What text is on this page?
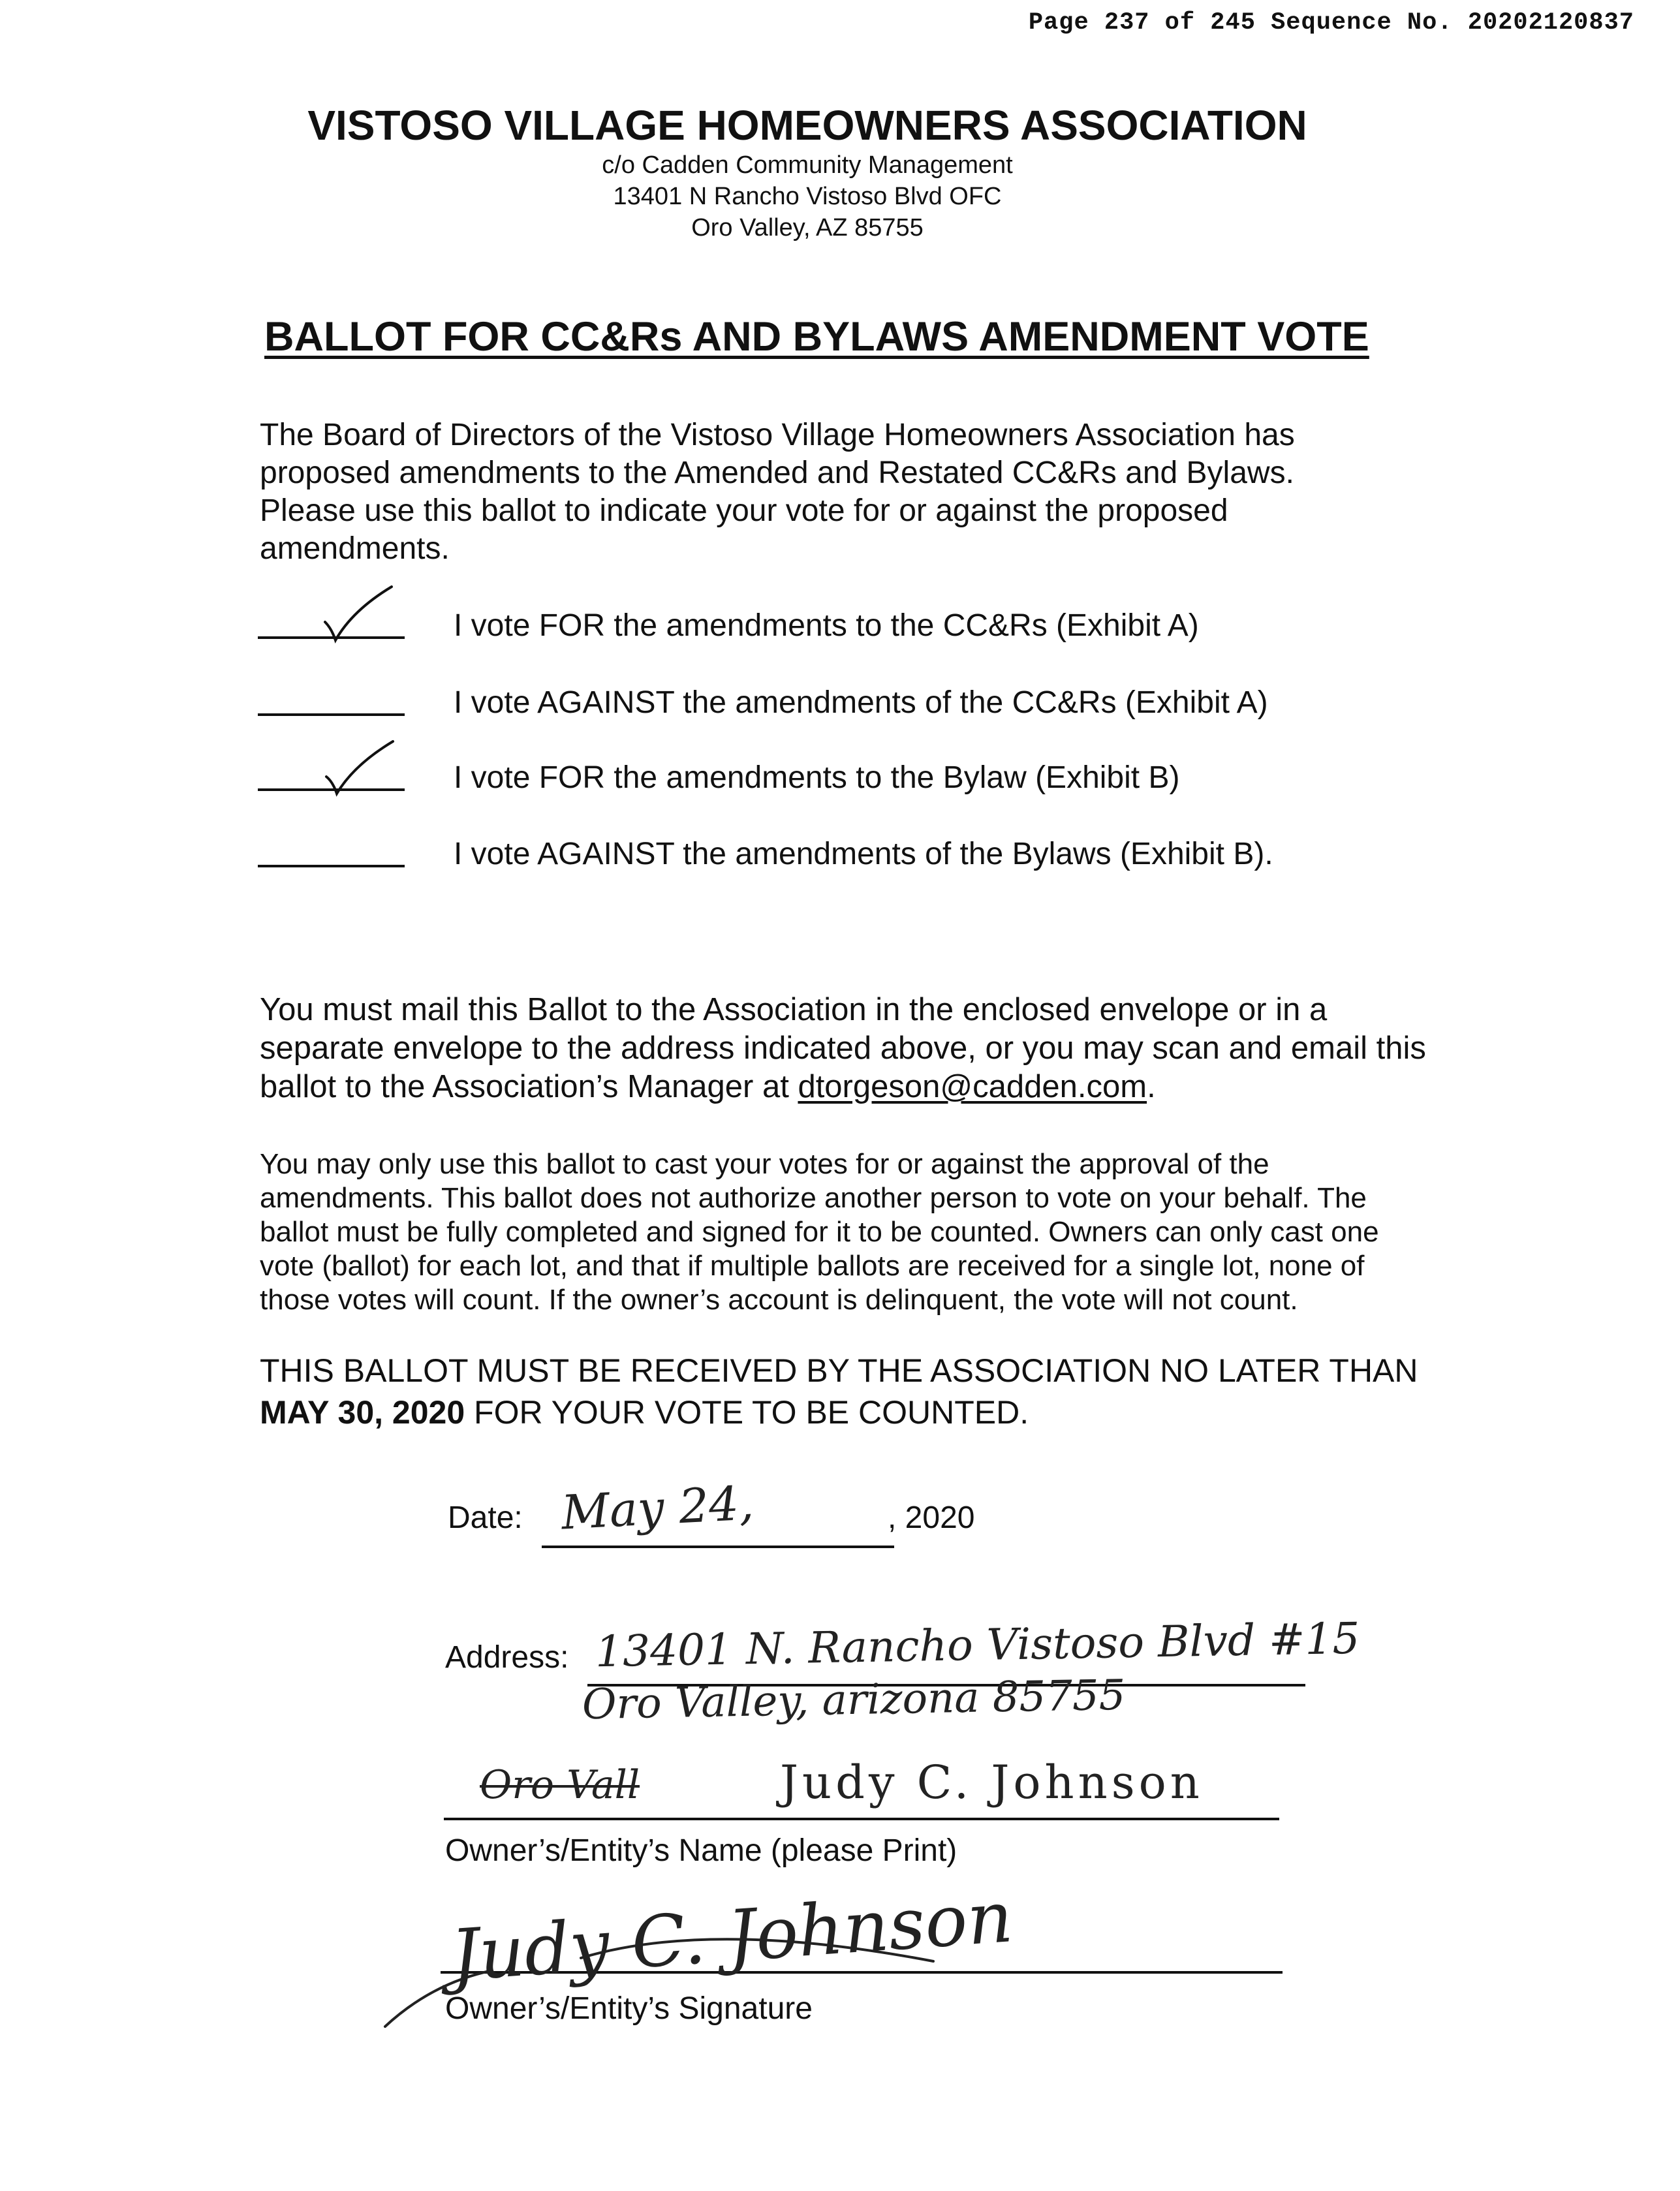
Page 237 of 245 Sequence No. 20202120837
VISTOSO VILLAGE HOMEOWNERS ASSOCIATION
c/o Cadden Community Management
13401 N Rancho Vistoso Blvd OFC
Oro Valley, AZ 85755
BALLOT FOR CC&Rs AND BYLAWS AMENDMENT VOTE
The Board of Directors of the Vistoso Village Homeowners Association has
proposed amendments to the Amended and Restated CC&Rs and Bylaws.
Please use this ballot to indicate your vote for or against the proposed
amendments.
I vote FOR the amendments to the CC&Rs (Exhibit A)
I vote AGAINST the amendments of the CC&Rs (Exhibit A)
I vote FOR the amendments to the Bylaw (Exhibit B)
I vote AGAINST the amendments of the Bylaws (Exhibit B).
You must mail this Ballot to the Association in the enclosed envelope or in a
separate envelope to the address indicated above, or you may scan and email this
ballot to the Association’s Manager at dtorgeson@cadden.com.
You may only use this ballot to cast your votes for or against the approval of the
amendments. This ballot does not authorize another person to vote on your behalf. The
ballot must be fully completed and signed for it to be counted. Owners can only cast one
vote (ballot) for each lot, and that if multiple ballots are received for a single lot, none of
those votes will count. If the owner’s account is delinquent, the vote will not count.
THIS BALLOT MUST BE RECEIVED BY THE ASSOCIATION NO LATER THAN
MAY 30, 2020 FOR YOUR VOTE TO BE COUNTED.
Date: May 24,	, 2020
Address: 13401 N. Rancho Vistoso Blvd #15
Oro Valley, arizona 85755
Oro Vall	Judy C. Johnson
Owner’s/Entity’s Name (please Print)
Judy C. Johnson
Owner’s/Entity’s Signature
